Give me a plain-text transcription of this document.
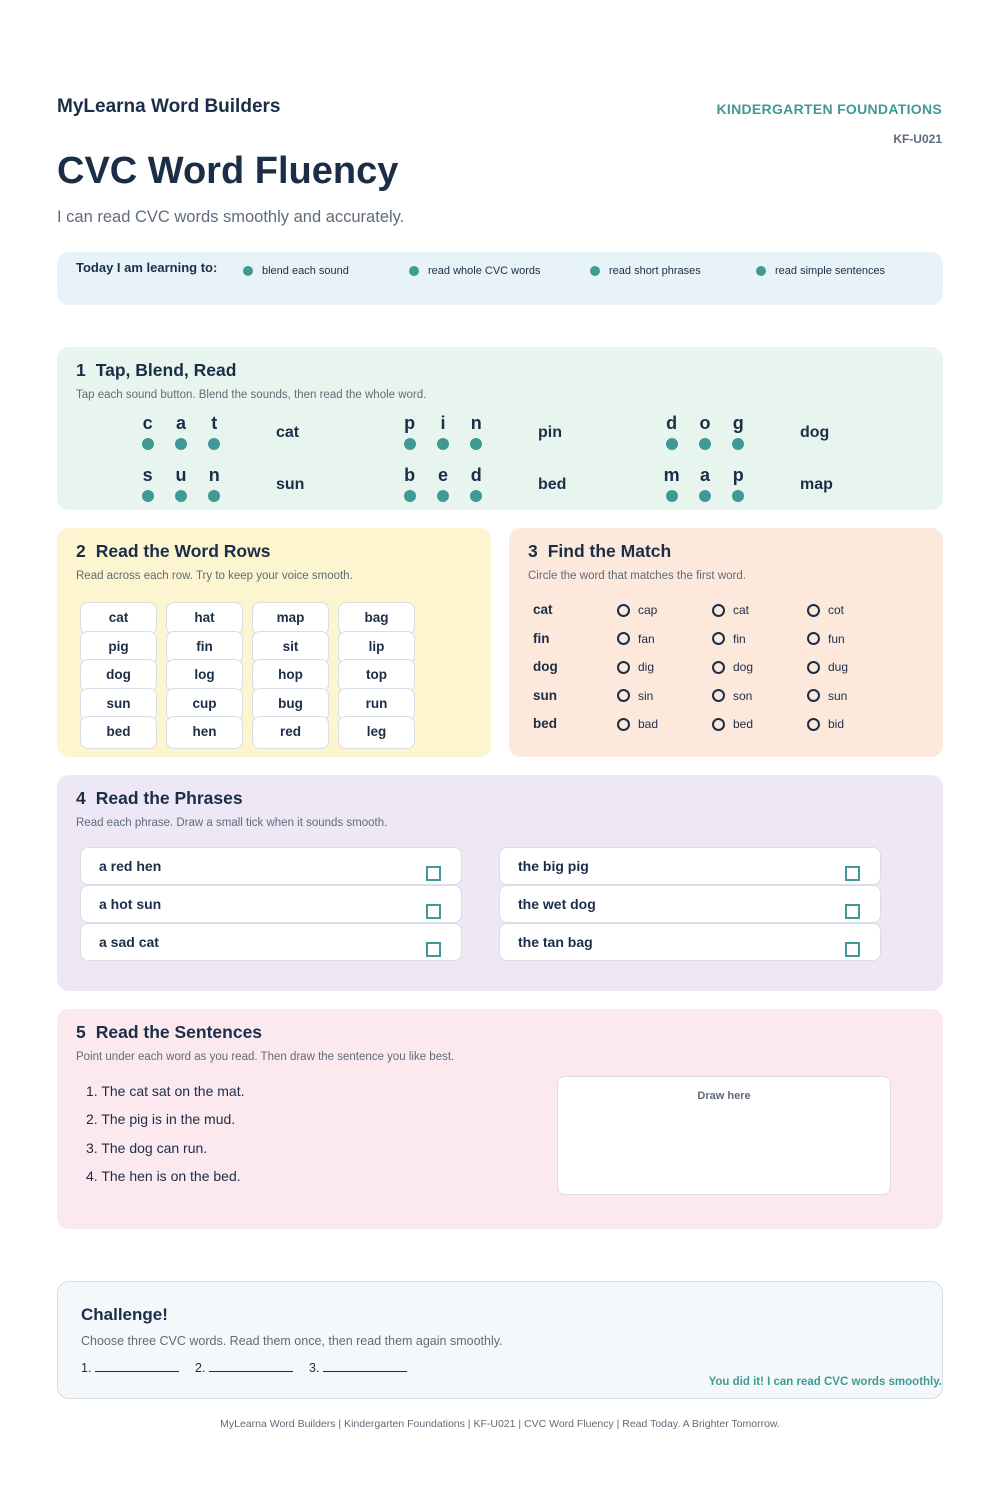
MyLearna Word Builders	KINDERGARTEN FOUNDATIONS
KF-U021
CVC Word Fluency
I can read CVC words smoothly and accurately.
Today I am learning to:	blend each sound	read whole CVC words	read short phrases	read simple sentences
1 Tap, Blend, Read
Tap each sound button. Blend the sounds, then read the whole word.
c	a	t	cat	p	i	n	pin	d	o	g	dog
s	u	n	sun	b	e	d	bed	m	a	p	map
2 Read the Word Rows
Read across each row. Try to keep your voice smooth.
cat	hat	map	bag
pig	fin	sit	lip
dog	log	hop	top
sun	cup	bug	run
bed	hen	red	leg
3 Find the Match
Circle the word that matches the first word.
cat	cap	cat	cot
fin	fan	fin	fun
dog	dig	dog	dug
sun	sin	son	sun
bed	bad	bed	bid
4 Read the Phrases
Read each phrase. Draw a small tick when it sounds smooth.
a red hen
a hot sun
a sad cat
the big pig
the wet dog
the tan bag
5 Read the Sentences
Point under each word as you read. Then draw the sentence you like best.
1. The cat sat on the mat.
2. The pig is in the mud.
3. The dog can run.
4. The hen is on the bed.
Draw here
Challenge!
Choose three CVC words. Read them once, then read them again smoothly.
1.	2.	3.
You did it! I can read CVC words smoothly.
MyLearna Word Builders | Kindergarten Foundations | KF-U021 | CVC Word Fluency | Read Today. A Brighter Tomorrow.
